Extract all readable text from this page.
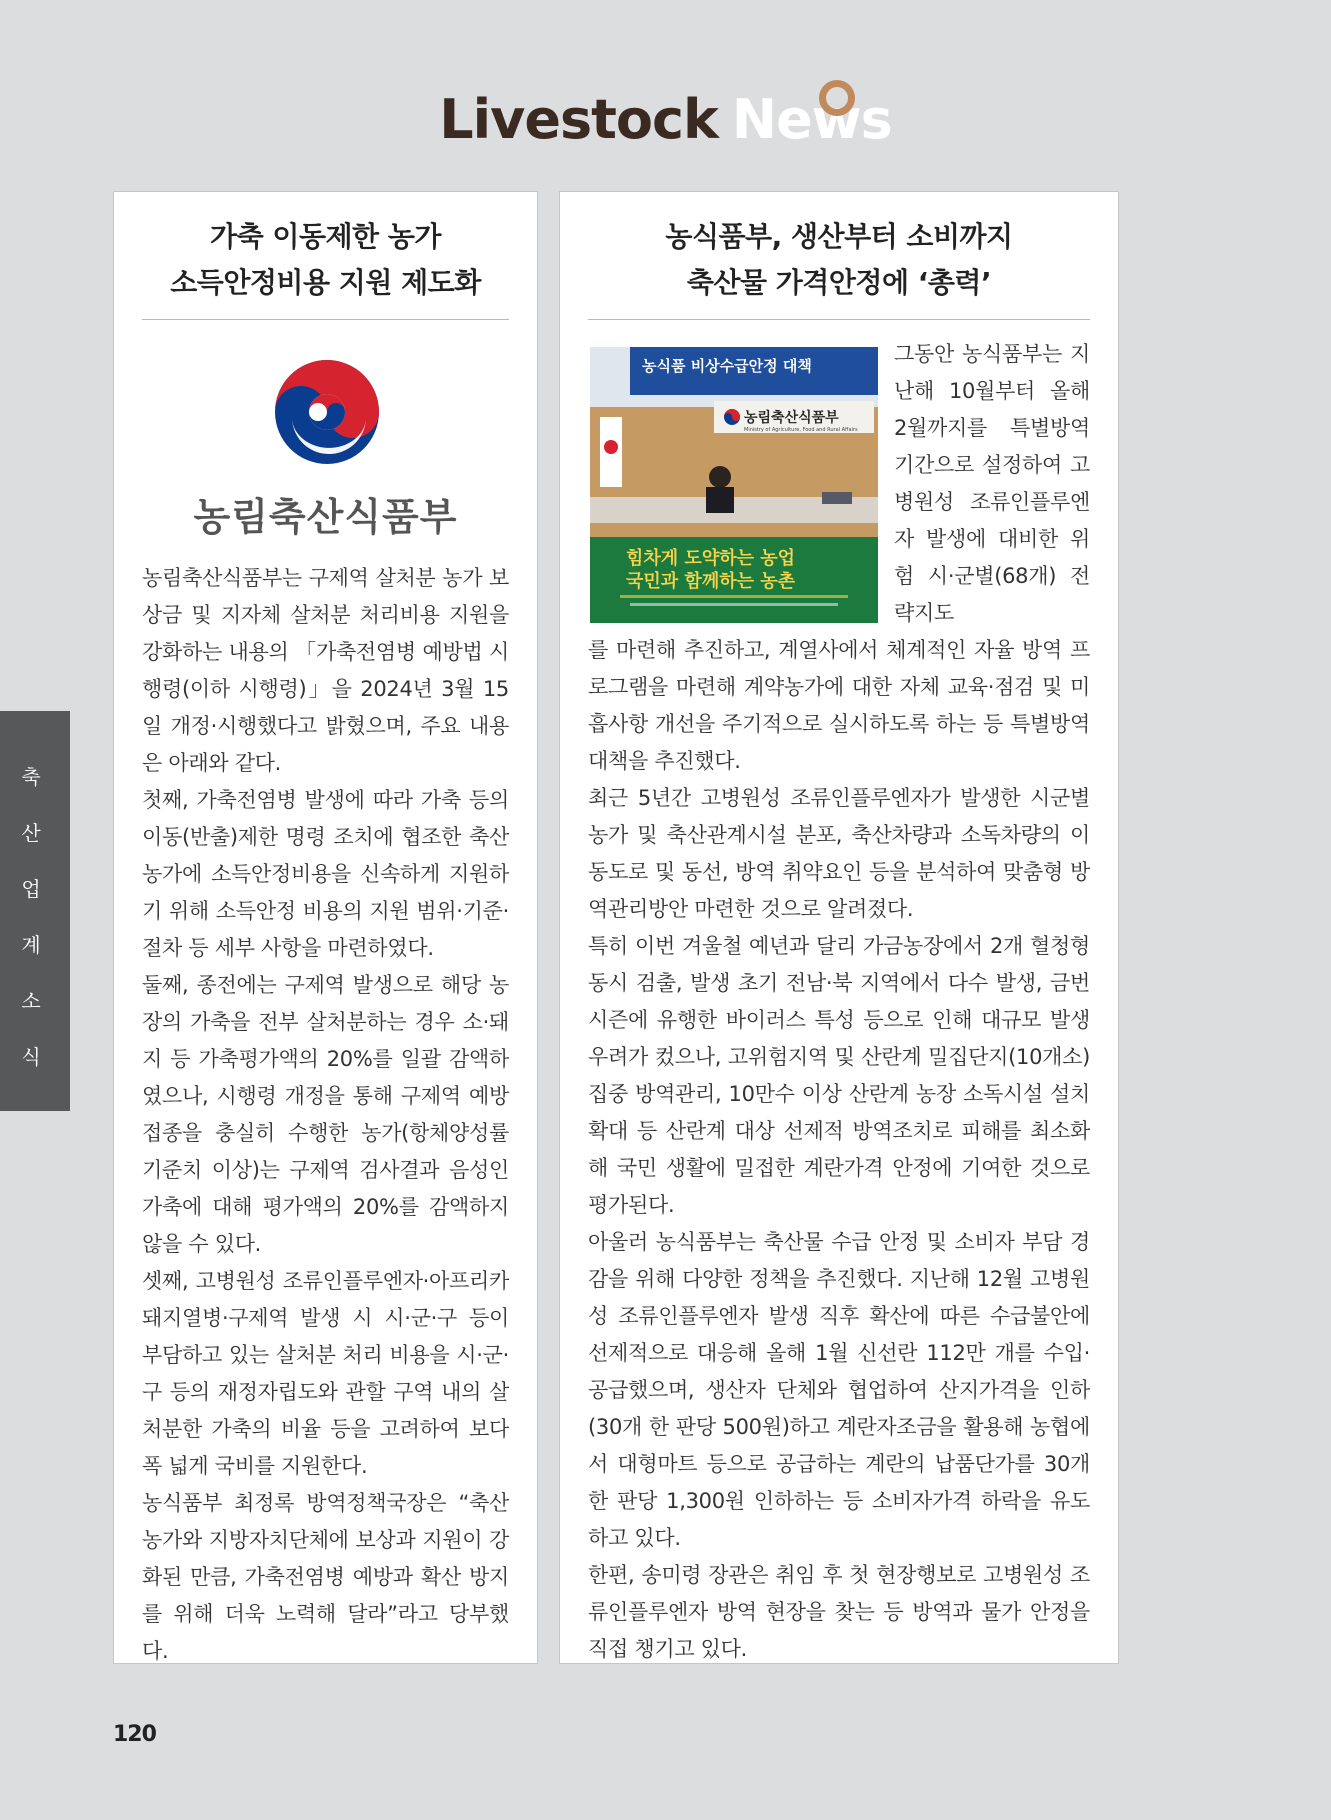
Livestock News
축
산
업
계
소
식
가축 이동제한 농가
소득안정비용 지원 제도화
농림축산식품부

농림축산식품부는 구제역 살처분 농가 보상금 및 지자체 살처분 처리비용 지원을 강화하는 내용의 「가축전염병 예방법 시행령(이하 시행령)」을 2024년 3월 15일 개정·시행했다고 밝혔으며, 주요 내용은 아래와 같다.

첫째, 가축전염병 발생에 따라 가축 등의 이동(반출)제한 명령 조치에 협조한 축산농가에 소득안정비용을 신속하게 지원하기 위해 소득안정 비용의 지원 범위·기준·절차 등 세부 사항을 마련하였다.

둘째, 종전에는 구제역 발생으로 해당 농장의 가축을 전부 살처분하는 경우 소·돼지 등 가축평가액의 20%를 일괄 감액하였으나, 시행령 개정을 통해 구제역 예방접종을 충실히 수행한 농가(항체양성률 기준치 이상)는 구제역 검사결과 음성인 가축에 대해 평가액의 20%를 감액하지 않을 수 있다.

셋째, 고병원성 조류인플루엔자·아프리카돼지열병·구제역 발생 시 시·군·구 등이 부담하고 있는 살처분 처리 비용을 시·군·구 등의 재정자립도와 관할 구역 내의 살처분한 가축의 비율 등을 고려하여 보다 폭 넓게 국비를 지원한다.

농식품부 최정록 방역정책국장은 “축산농가와 지방자치단체에 보상과 지원이 강화된 만큼, 가축전염병 예방과 확산 방지를 위해 더욱 노력해 달라”라고 당부했다.

농식품부, 생산부터 소비까지
축산물 가격안정에 ‘총력’
농식품 비상수급안정 대책
농림축산식품부
Ministry of Agriculture, Food and Rural Affairs
힘차게 도약하는 농업
국민과 함께하는 농촌

그동안 농식품부는 지난해 10월부터 올해 2월까지를 특별방역기간으로 설정하여 고병원성 조류인플루엔자 발생에 대비한 위험 시·군별(68개) 전략지도

를 마련해 추진하고, 계열사에서 체계적인 자율 방역 프로그램을 마련해 계약농가에 대한 자체 교육·점검 및 미흡사항 개선을 주기적으로 실시하도록 하는 등 특별방역대책을 추진했다.

최근 5년간 고병원성 조류인플루엔자가 발생한 시군별 농가 및 축산관계시설 분포, 축산차량과 소독차량의 이동도로 및 동선, 방역 취약요인 등을 분석하여 맞춤형 방역관리방안 마련한 것으로 알려졌다.

특히 이번 겨울철 예년과 달리 가금농장에서 2개 혈청형 동시 검출, 발생 초기 전남·북 지역에서 다수 발생, 금번 시즌에 유행한 바이러스 특성 등으로 인해 대규모 발생 우려가 컸으나, 고위험지역 및 산란계 밀집단지(10개소) 집중 방역관리, 10만수 이상 산란계 농장 소독시설 설치 확대 등 산란계 대상 선제적 방역조치로 피해를 최소화해 국민 생활에 밀접한 계란가격 안정에 기여한 것으로 평가된다.

아울러 농식품부는 축산물 수급 안정 및 소비자 부담 경감을 위해 다양한 정책을 추진했다. 지난해 12월 고병원성 조류인플루엔자 발생 직후 확산에 따른 수급불안에 선제적으로 대응해 올해 1월 신선란 112만 개를 수입·공급했으며, 생산자 단체와 협업하여 산지가격을 인하(30개 한 판당 500원)하고 계란자조금을 활용해 농협에서 대형마트 등으로 공급하는 계란의 납품단가를 30개 한 판당 1,300원 인하하는 등 소비자가격 하락을 유도하고 있다.

한편, 송미령 장관은 취임 후 첫 현장행보로 고병원성 조류인플루엔자 방역 현장을 찾는 등 방역과 물가 안정을 직접 챙기고 있다.

120
